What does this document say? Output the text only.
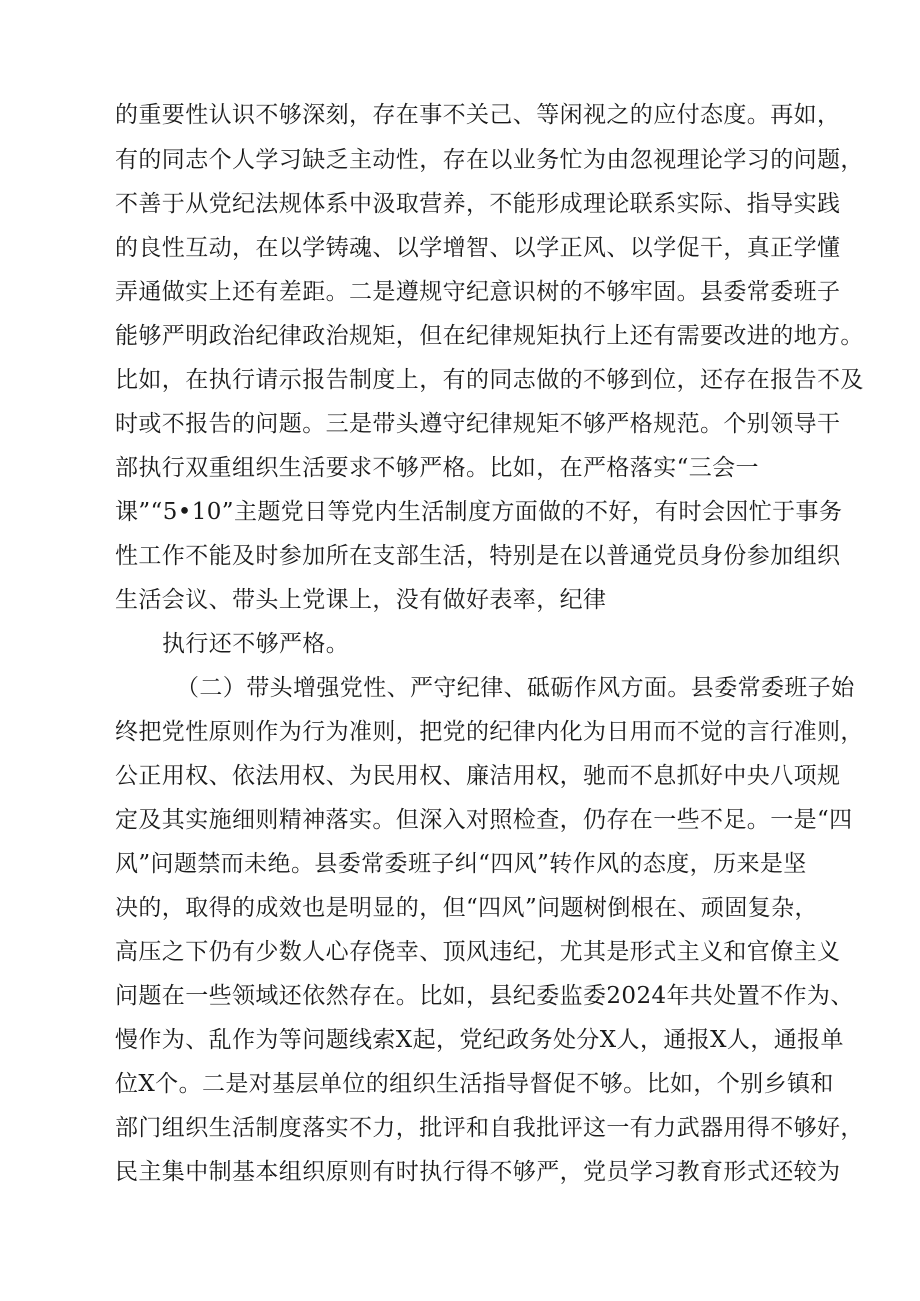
的重要性认识不够深刻，存在事不关己、等闲视之的应付态度。再如，
有的同志个人学习缺乏主动性，存在以业务忙为由忽视理论学习的问题，
不善于从党纪法规体系中汲取营养，不能形成理论联系实际、指导实践
的良性互动，在以学铸魂、以学增智、以学正风、以学促干，真正学懂
弄通做实上还有差距。二是遵规守纪意识树的不够牢固。县委常委班子
能够严明政治纪律政治规矩，但在纪律规矩执行上还有需要改进的地方。
比如，在执行请示报告制度上，有的同志做的不够到位，还存在报告不及
时或不报告的问题。三是带头遵守纪律规矩不够严格规范。个别领导干
部执行双重组织生活要求不够严格。比如，在严格落实“三会一
课”“5•10”主题党日等党内生活制度方面做的不好，有时会因忙于事务
性工作不能及时参加所在支部生活，特别是在以普通党员身份参加组织
生活会议、带头上党课上，没有做好表率，纪律
执行还不够严格。
（二）带头增强党性、严守纪律、砥砺作风方面。县委常委班子始
终把党性原则作为行为准则，把党的纪律内化为日用而不觉的言行准则，
公正用权、依法用权、为民用权、廉洁用权，驰而不息抓好中央八项规
定及其实施细则精神落实。但深入对照检查，仍存在一些不足。一是“四
风”问题禁而未绝。县委常委班子纠“四风”转作风的态度，历来是坚
决的，取得的成效也是明显的，但“四风”问题树倒根在、顽固复杂，
高压之下仍有少数人心存侥幸、顶风违纪，尤其是形式主义和官僚主义
问题在一些领域还依然存在。比如，县纪委监委2024年共处置不作为、
慢作为、乱作为等问题线索X起，党纪政务处分X人，通报X人，通报单
位X个。二是对基层单位的组织生活指导督促不够。比如，个别乡镇和
部门组织生活制度落实不力，批评和自我批评这一有力武器用得不够好，
民主集中制基本组织原则有时执行得不够严，党员学习教育形式还较为
